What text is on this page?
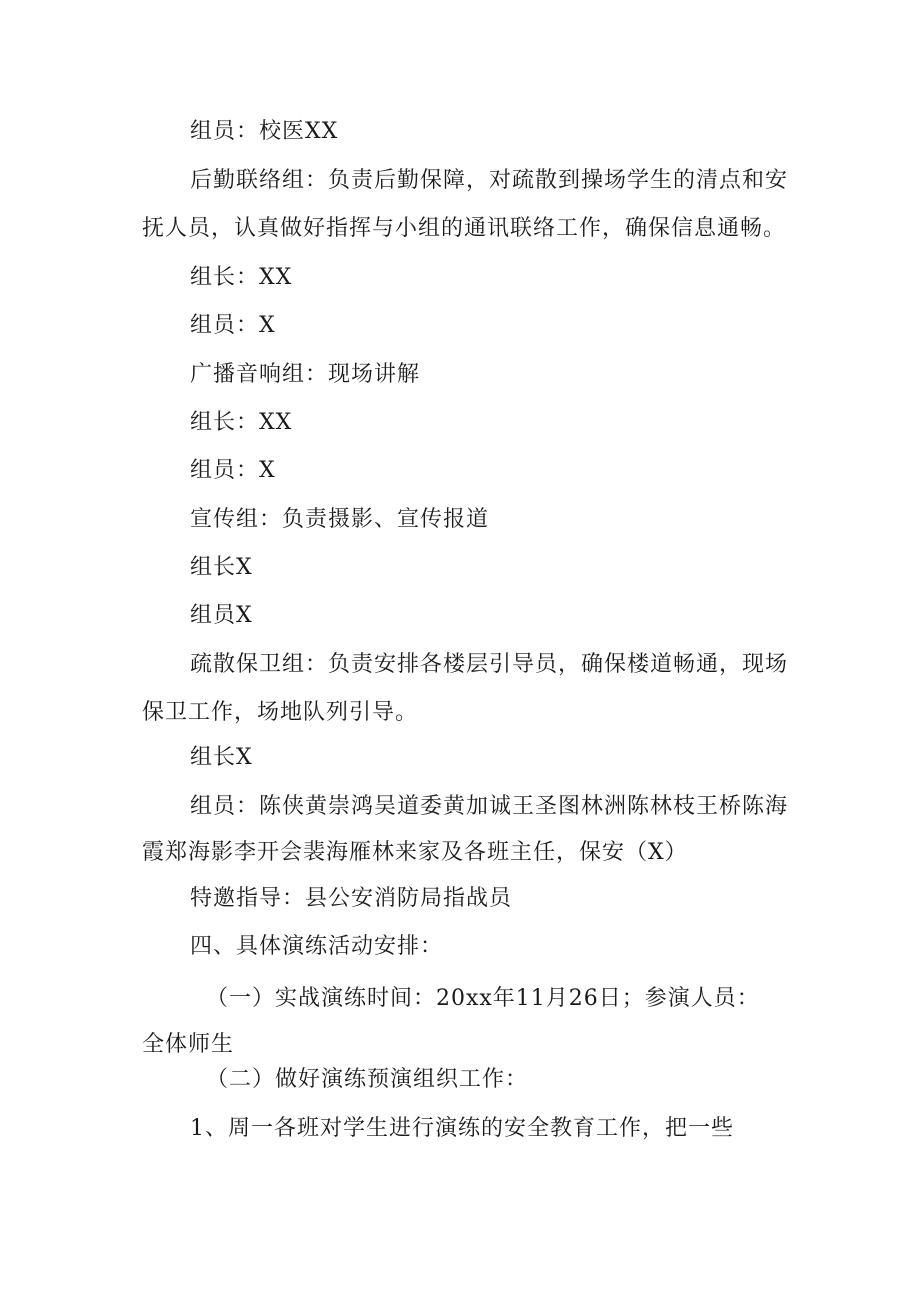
组员：校医XX
后勤联络组：负责后勤保障，对疏散到操场学生的清点和安
抚人员，认真做好指挥与小组的通讯联络工作，确保信息通畅。
组长：XX
组员：X
广播音响组：现场讲解
组长：XX
组员：X
宣传组：负责摄影、宣传报道
组长X
组员X
疏散保卫组：负责安排各楼层引导员，确保楼道畅通，现场
保卫工作，场地队列引导。
组长X
组员：陈侠黄崇鸿吴道委黄加诚王圣图林洲陈林枝王桥陈海
霞郑海影李开会裴海雁林来家及各班主任，保安（X）
特邀指导：县公安消防局指战员
四、具体演练活动安排：
（一）实战演练时间：20xx年11月26日；参演人员：
全体师生
（二）做好演练预演组织工作：
1、周一各班对学生进行演练的安全教育工作，把一些
